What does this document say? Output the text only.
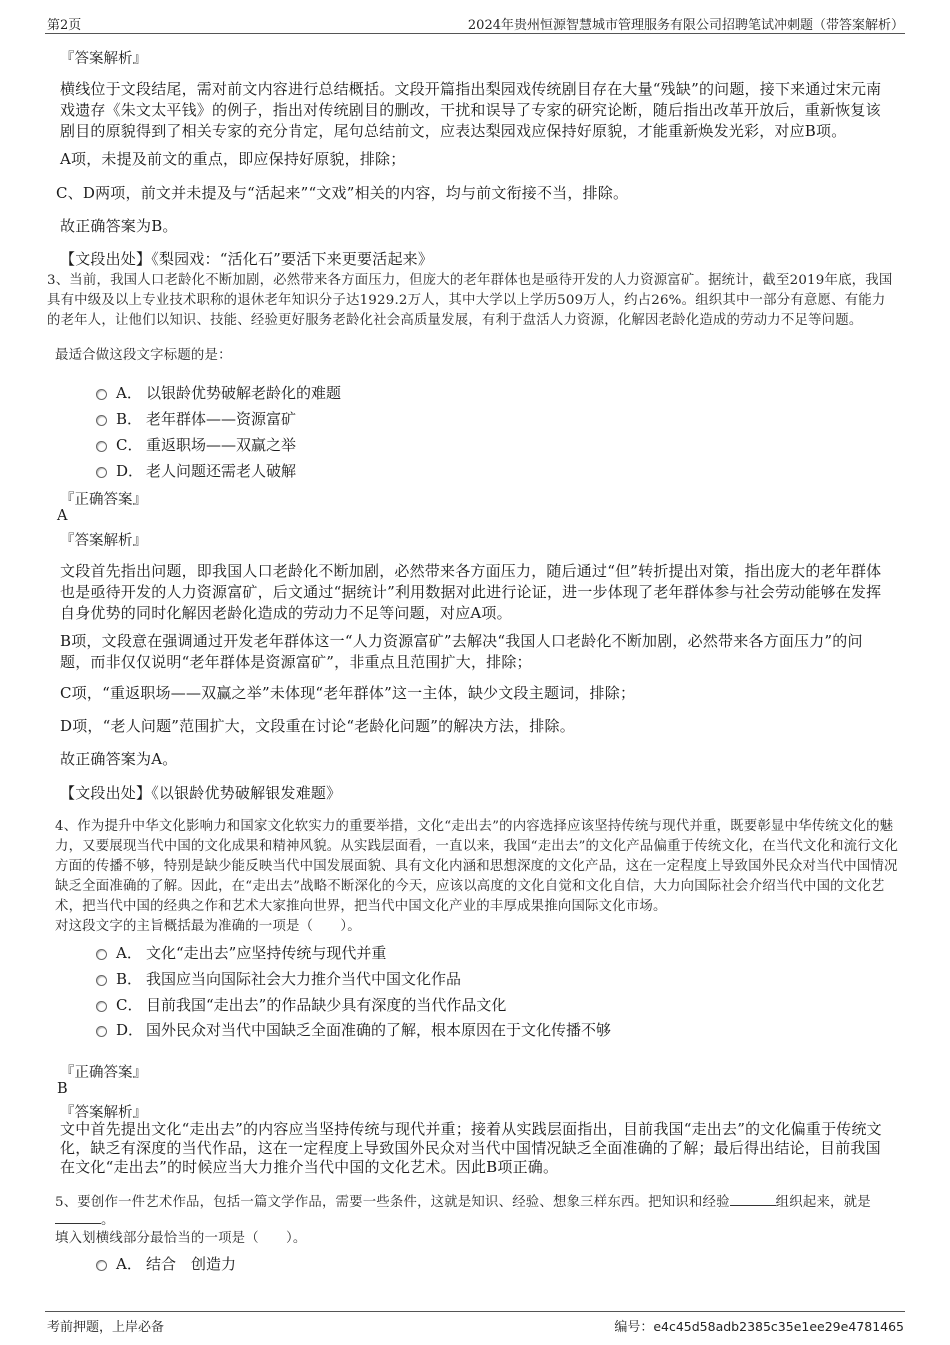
第2页	2024年贵州恒源智慧城市管理服务有限公司招聘笔试冲刺题（带答案解析）
『答案解析』
横线位于文段结尾，需对前文内容进行总结概括。文段开篇指出梨园戏传统剧目存在大量“残缺”的问题，接下来通过宋元南戏遗存《朱文太平钱》的例子，指出对传统剧目的删改，干扰和误导了专家的研究论断，随后指出改革开放后，重新恢复该剧目的原貌得到了相关专家的充分肯定，尾句总结前文，应表达梨园戏应保持好原貌，才能重新焕发光彩，对应B项。
A项，未提及前文的重点，即应保持好原貌，排除；
C、D两项，前文并未提及与“活起来”“文戏”相关的内容，均与前文衔接不当，排除。
故正确答案为B。
【文段出处】《梨园戏：“活化石”要活下来更要活起来》
3、当前，我国人口老龄化不断加剧，必然带来各方面压力，但庞大的老年群体也是亟待开发的人力资源富矿。据统计，截至2019年底，我国具有中级及以上专业技术职称的退休老年知识分子达1929.2万人，其中大学以上学历509万人，约占26%。组织其中一部分有意愿、有能力的老年人，让他们以知识、技能、经验更好服务老龄化社会高质量发展，有利于盘活人力资源，化解因老龄化造成的劳动力不足等问题。
最适合做这段文字标题的是：
A． 以银龄优势破解老龄化的难题
B． 老年群体——资源富矿
C． 重返职场——双赢之举
D． 老人问题还需老人破解
『正确答案』
A
『答案解析』
文段首先指出问题，即我国人口老龄化不断加剧，必然带来各方面压力，随后通过“但”转折提出对策，指出庞大的老年群体也是亟待开发的人力资源富矿，后文通过“据统计”利用数据对此进行论证，进一步体现了老年群体参与社会劳动能够在发挥自身优势的同时化解因老龄化造成的劳动力不足等问题，对应A项。
B项，文段意在强调通过开发老年群体这一“人力资源富矿”去解决“我国人口老龄化不断加剧，必然带来各方面压力”的问题，而非仅仅说明“老年群体是资源富矿”，非重点且范围扩大，排除；
C项，“重返职场——双赢之举”未体现“老年群体”这一主体，缺少文段主题词，排除；
D项，“老人问题”范围扩大，文段重在讨论“老龄化问题”的解决方法，排除。
故正确答案为A。
【文段出处】《以银龄优势破解银发难题》
4、作为提升中华文化影响力和国家文化软实力的重要举措，文化“走出去”的内容选择应该坚持传统与现代并重，既要彰显中华传统文化的魅力，又要展现当代中国的文化成果和精神风貌。从实践层面看，一直以来，我国“走出去”的文化产品偏重于传统文化，在当代文化和流行文化方面的传播不够，特别是缺少能反映当代中国发展面貌、具有文化内涵和思想深度的文化产品，这在一定程度上导致国外民众对当代中国情况缺乏全面准确的了解。因此，在“走出去”战略不断深化的今天，应该以高度的文化自觉和文化自信，大力向国际社会介绍当代中国的文化艺术，把当代中国的经典之作和艺术大家推向世界，把当代中国文化产业的丰厚成果推向国际文化市场。
对这段文字的主旨概括最为准确的一项是（　　）。
A． 文化“走出去”应坚持传统与现代并重
B． 我国应当向国际社会大力推介当代中国文化作品
C． 目前我国“走出去”的作品缺少具有深度的当代作品文化
D． 国外民众对当代中国缺乏全面准确的了解，根本原因在于文化传播不够
『正确答案』
B
『答案解析』
文中首先提出文化“走出去”的内容应当坚持传统与现代并重；接着从实践层面指出，目前我国“走出去”的文化偏重于传统文化，缺乏有深度的当代作品，这在一定程度上导致国外民众对当代中国情况缺乏全面准确的了解；最后得出结论，目前我国在文化“走出去”的时候应当大力推介当代中国的文化艺术。因此B项正确。
5、要创作一件艺术作品，包括一篇文学作品，需要一些条件，这就是知识、经验、想象三样东西。把知识和经验	组织起来，就是
。
填入划横线部分最恰当的一项是（　　）。
A． 结合　创造力
考前押题，上岸必备	编号：e4c45d58adb2385c35e1ee29e4781465
